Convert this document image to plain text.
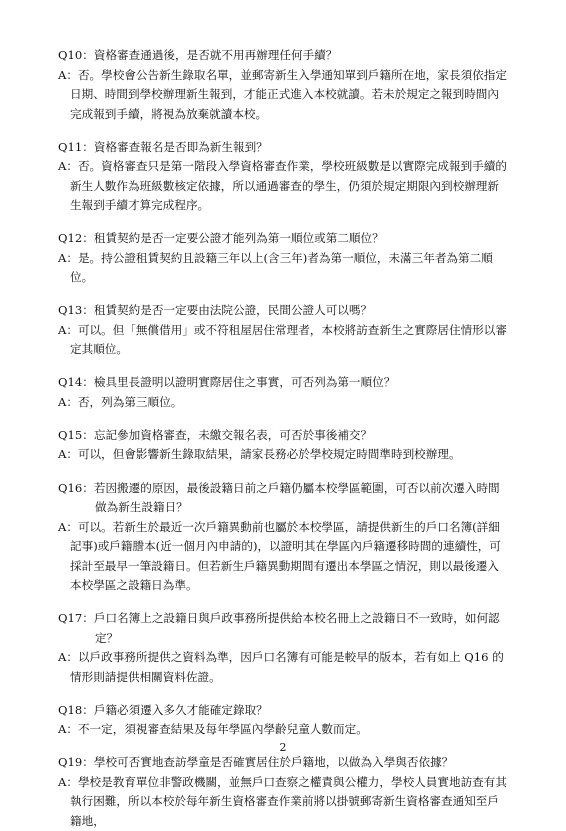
Q10：資格審查通過後，是否就不用再辦理任何手續？

A：否。學校會公告新生錄取名單，並郵寄新生入學通知單到戶籍所在地，家長須依指定日期、時間到學校辦理新生報到，才能正式進入本校就讀。若未於規定之報到時間內完成報到手續，將視為放棄就讀本校。

Q11：資格審查報名是否即為新生報到？

A：否。資格審查只是第一階段入學資格審查作業，學校班級數是以實際完成報到手續的新生人數作為班級數核定依據，所以通過審查的學生，仍須於規定期限內到校辦理新生報到手續才算完成程序。

Q12：租賃契約是否一定要公證才能列為第一順位或第二順位？

A：是。持公證租賃契約且設籍三年以上(含三年)者為第一順位，未滿三年者為第二順位。

Q13：租賃契約是否一定要由法院公證，民間公證人可以嗎？

A：可以。但「無償借用」或不符租屋居住常理者，本校將訪查新生之實際居住情形以審定其順位。

Q14：檢具里長證明以證明實際居住之事實，可否列為第一順位？

A：否，列為第三順位。

Q15：忘記參加資格審查，未繳交報名表，可否於事後補交？

A：可以，但會影響新生錄取結果，請家長務必於學校規定時間準時到校辦理。

Q16：若因搬遷的原因，最後設籍日前之戶籍仍屬本校學區範圍，可否以前次遷入時間做為新生設籍日？

A：可以。若新生於最近一次戶籍異動前也屬於本校學區，請提供新生的戶口名簿(詳細記事)或戶籍謄本(近一個月內申請的)，以證明其在學區內戶籍遷移時間的連續性，可採計至最早一筆設籍日。但若新生戶籍異動期間有遷出本學區之情況，則以最後遷入本校學區之設籍日為準。

Q17：戶口名簿上之設籍日與戶政事務所提供給本校名冊上之設籍日不一致時，如何認定？

A：以戶政事務所提供之資料為準，因戶口名簿有可能是較早的版本，若有如上 Q16 的情形則請提供相關資料佐證。

Q18：戶籍必須遷入多久才能確定錄取？

A：不一定，須視審查結果及每年學區內學齡兒童人數而定。

Q19：學校可否實地查訪學童是否確實居住於戶籍地，以做為入學與否依據？

A：學校是教育單位非警政機關，並無戶口查察之權責與公權力，學校人員實地訪查有其執行困難，所以本校於每年新生資格審查作業前將以掛號郵寄新生資格審查通知至戶籍地，

2
